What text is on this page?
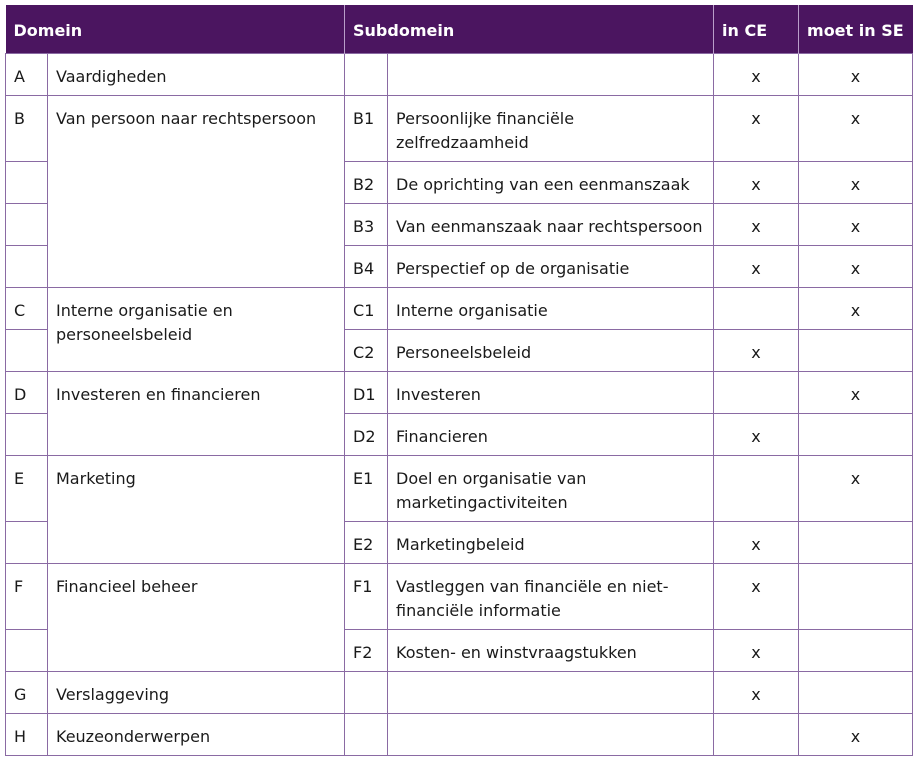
Domein		Subdomein		in CE	moet in SE
A	Vaardigheden			x	x
B	Van persoon naar rechtspersoon	B1	Persoonlijke financiële zelfredzaamheid	x	x
		B2	De oprichting van een eenmanszaak	x	x
		B3	Van eenmanszaak naar rechtspersoon	x	x
		B4	Perspectief op de organisatie	x	x
C	Interne organisatie en personeelsbeleid	C1	Interne organisatie		x
		C2	Personeelsbeleid	x	
D	Investeren en financieren	D1	Investeren		x
		D2	Financieren	x	
E	Marketing	E1	Doel en organisatie van marketingactiviteiten		x
		E2	Marketingbeleid	x	
F	Financieel beheer	F1	Vastleggen van financiële en niet-financiële informatie	x	
		F2	Kosten- en winstvraagstukken	x	
G	Verslaggeving			x	
H	Keuzeonderwerpen				x
